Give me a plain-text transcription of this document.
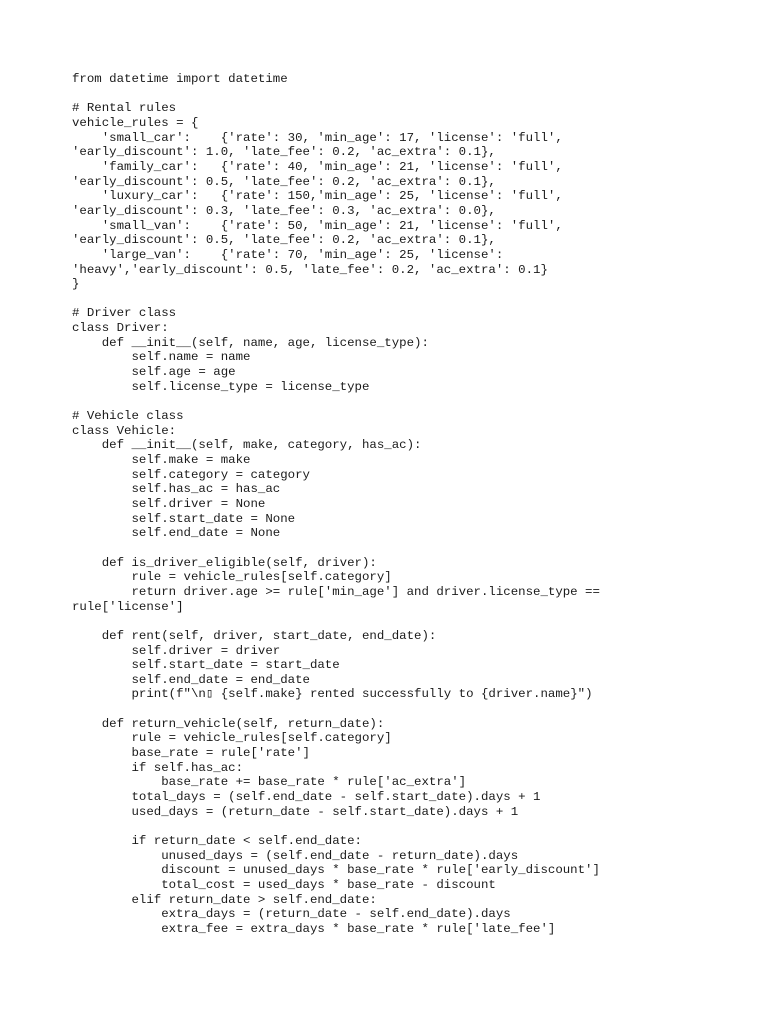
from datetime import datetime
# Rental rules
vehicle_rules = {
'small_car':    {'rate': 30, 'min_age': 17, 'license': 'full',
'early_discount': 1.0, 'late_fee': 0.2, 'ac_extra': 0.1},
'family_car':   {'rate': 40, 'min_age': 21, 'license': 'full',
'early_discount': 0.5, 'late_fee': 0.2, 'ac_extra': 0.1},
'luxury_car':   {'rate': 150,'min_age': 25, 'license': 'full',
'early_discount': 0.3, 'late_fee': 0.3, 'ac_extra': 0.0},
'small_van':    {'rate': 50, 'min_age': 21, 'license': 'full',
'early_discount': 0.5, 'late_fee': 0.2, 'ac_extra': 0.1},
'large_van':    {'rate': 70, 'min_age': 25, 'license':
'heavy','early_discount': 0.5, 'late_fee': 0.2, 'ac_extra': 0.1}
}
# Driver class
class Driver:
def __init__(self, name, age, license_type):
self.name = name
self.age = age
self.license_type = license_type
# Vehicle class
class Vehicle:
def __init__(self, make, category, has_ac):
self.make = make
self.category = category
self.has_ac = has_ac
self.driver = None
self.start_date = None
self.end_date = None
def is_driver_eligible(self, driver):
rule = vehicle_rules[self.category]
return driver.age >= rule['min_age'] and driver.license_type ==
rule['license']
def rent(self, driver, start_date, end_date):
self.driver = driver
self.start_date = start_date
self.end_date = end_date
print(f"\n▯ {self.make} rented successfully to {driver.name}")
def return_vehicle(self, return_date):
rule = vehicle_rules[self.category]
base_rate = rule['rate']
if self.has_ac:
base_rate += base_rate * rule['ac_extra']
total_days = (self.end_date - self.start_date).days + 1
used_days = (return_date - self.start_date).days + 1
if return_date < self.end_date:
unused_days = (self.end_date - return_date).days
discount = unused_days * base_rate * rule['early_discount']
total_cost = used_days * base_rate - discount
elif return_date > self.end_date:
extra_days = (return_date - self.end_date).days
extra_fee = extra_days * base_rate * rule['late_fee']
